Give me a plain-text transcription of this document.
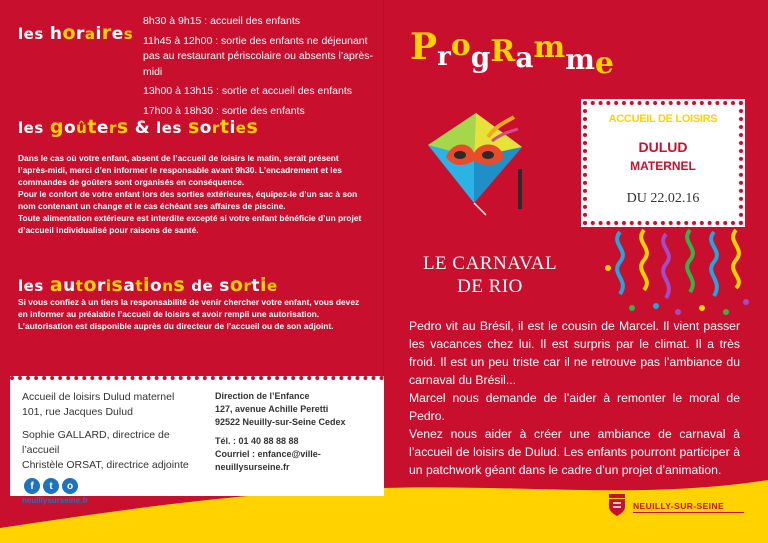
les horaires
8h30 à 9h15 : accueil des enfants
11h45 à 12h00 : sortie des enfants ne déjeunant pas au restaurant périscolaire ou absents l’après-midi
13h00 à 13h15 : sortie et accueil des enfants
17h00 à 18h30 : sortie des enfants
les goûters & les sorties
Dans le cas où votre enfant, absent de l’accueil de loisirs le matin, serait présent l’après-midi, merci d’en informer le responsable avant 9h30. L’encadrement et les commandes de goûters sont organisés en conséquence.
Pour le confort de votre enfant lors des sorties extérieures, équipez-le d’un sac à son nom contenant un change et le cas échéant ses affaires de piscine.
Toute alimentation extérieure est interdite excepté si votre enfant bénéficie d’un projet d’accueil individualisé pour raisons de santé.
les autorisations de sortie
Si vous confiez à un tiers la responsabilité de venir chercher votre enfant, vous devez en informer au préalable l’accueil de loisirs et avoir rempli une autorisation.
L’autorisation est disponible auprès du directeur de l’accueil ou de son adjoint.
Accueil de loisirs Dulud maternel
101, rue Jacques Dulud
Sophie GALLARD, directrice de l’accueil
Christèle ORSAT, directrice adjointe
Direction de l’Enfance
127, avenue Achille Peretti
92522 Neuilly-sur-Seine Cedex
Tél. : 01 40 88 88 88
Courriel : enfance@ville-neuillysurseine.fr
f	t	o
neuillysurseine.fr
ProgRamme
ACCUEIL DE LOISIRS
DULUD
MATERNEL
DU 22.02.16
LE CARNAVAL
DE RIO

Pedro vit au Brésil, il est le cousin de Marcel. Il vient passer les vacances chez lui. Il est surpris par le climat. Il a très froid. Il est un peu triste car il ne retrouve pas l’ambiance du carnaval du Brésil...

Marcel nous demande de l’aider à remonter le moral de Pedro.

Venez nous aider à créer une ambiance de carnaval à l’accueil de loisirs de Dulud. Les enfants pourront participer à un patchwork géant dans le cadre d’un projet d’animation.

NEUILLY-SUR-SEINE
